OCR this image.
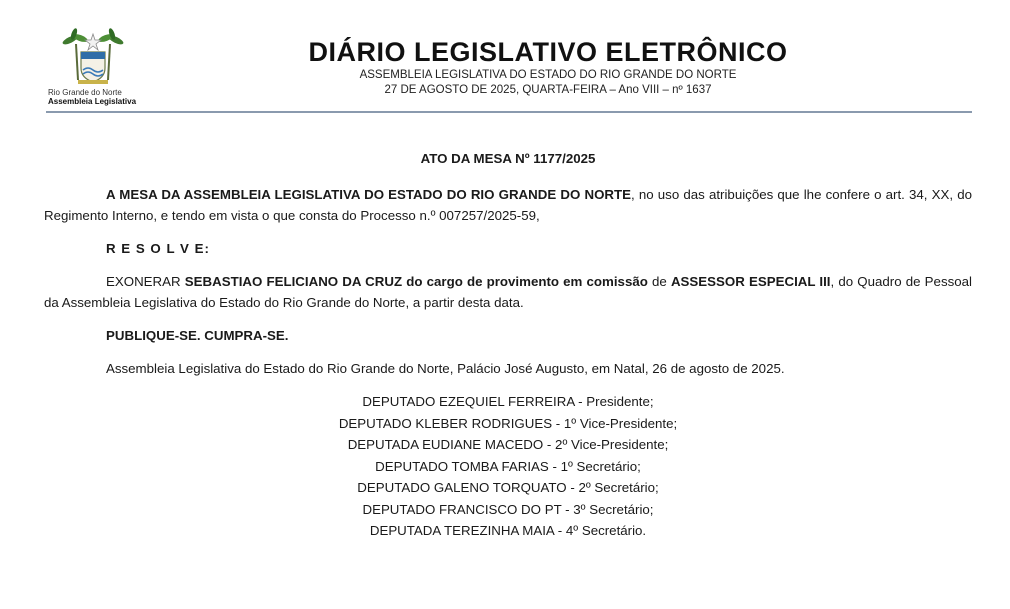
Rio Grande do Norte
Assembleia Legislativa
DIÁRIO LEGISLATIVO ELETRÔNICO
ASSEMBLEIA LEGISLATIVA DO ESTADO DO RIO GRANDE DO NORTE
27 DE AGOSTO DE 2025, QUARTA-FEIRA – Ano VIII – nº 1637
ATO DA MESA Nº 1177/2025

A MESA DA ASSEMBLEIA LEGISLATIVA DO ESTADO DO RIO GRANDE DO NORTE, no uso das atribuições que lhe confere o art. 34, XX, do Regimento Interno, e tendo em vista o que consta do Processo n.º 007257/2025-59,

R E S O L V E:

EXONERAR SEBASTIAO FELICIANO DA CRUZ do cargo de provimento em comissão de ASSESSOR ESPECIAL III, do Quadro de Pessoal da Assembleia Legislativa do Estado do Rio Grande do Norte, a partir desta data.

PUBLIQUE-SE. CUMPRA-SE.
Assembleia Legislativa do Estado do Rio Grande do Norte, Palácio José Augusto, em Natal, 26 de agosto de 2025.
DEPUTADO EZEQUIEL FERREIRA - Presidente;
DEPUTADO KLEBER RODRIGUES - 1º Vice-Presidente;
DEPUTADA EUDIANE MACEDO - 2º Vice-Presidente;
DEPUTADO TOMBA FARIAS - 1º Secretário;
DEPUTADO GALENO TORQUATO - 2º Secretário;
DEPUTADO FRANCISCO DO PT - 3º Secretário;
DEPUTADA TEREZINHA MAIA - 4º Secretário.
